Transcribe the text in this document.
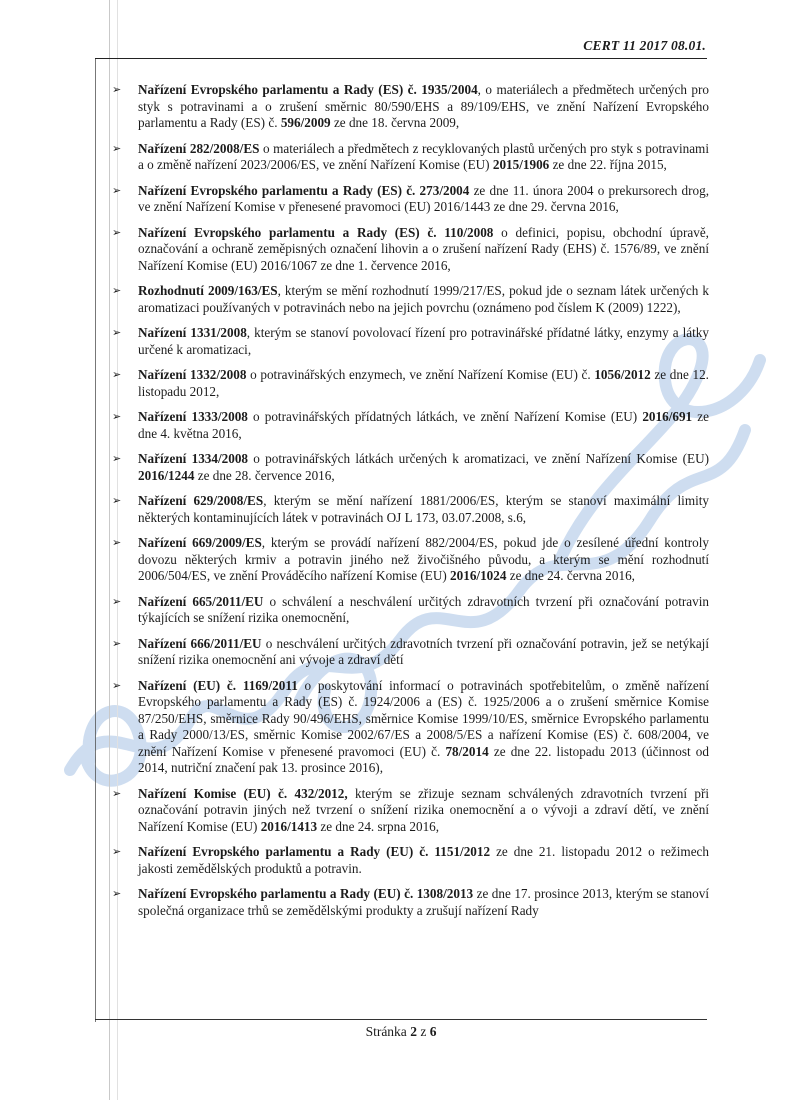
CERT 11 2017 08.01.
➢	Nařízení Evropského parlamentu a Rady (ES) č. 1935/2004, o materiálech a předmětech určených pro styk s potravinami a o zrušení směrnic 80/590/EHS a 89/109/EHS, ve znění Nařízení Evropského parlamentu a Rady (ES) č. 596/2009 ze dne 18. června 2009,
➢	Nařízení 282/2008/ES o materiálech a předmětech z recyklovaných plastů určených pro styk s potravinami a o změně nařízení 2023/2006/ES, ve znění Nařízení Komise (EU) 2015/1906 ze dne 22. října 2015,
➢	Nařízení Evropského parlamentu a Rady (ES) č. 273/2004 ze dne 11. února 2004 o prekursorech drog, ve znění Nařízení Komise v přenesené pravomoci (EU) 2016/1443 ze dne 29. června 2016,
➢	Nařízení Evropského parlamentu a Rady (ES) č. 110/2008 o definici, popisu, obchodní úpravě, označování a ochraně zeměpisných označení lihovin a o zrušení nařízení Rady (EHS) č. 1576/89, ve znění Nařízení Komise (EU) 2016/1067 ze dne 1. července 2016,
➢	Rozhodnutí 2009/163/ES, kterým se mění rozhodnutí 1999/217/ES, pokud jde o seznam látek určených k aromatizaci používaných v potravinách nebo na jejich povrchu (oznámeno pod číslem K (2009) 1222),
➢	Nařízení 1331/2008, kterým se stanoví povolovací řízení pro potravinářské přídatné látky, enzymy a látky určené k aromatizaci,
➢	Nařízení 1332/2008 o potravinářských enzymech, ve znění Nařízení Komise (EU) č. 1056/2012 ze dne 12. listopadu 2012,
➢	Nařízení 1333/2008 o potravinářských přídatných látkách, ve znění Nařízení Komise (EU) 2016/691 ze dne 4. května 2016,
➢	Nařízení 1334/2008 o potravinářských látkách určených k aromatizaci, ve znění Nařízení Komise (EU) 2016/1244 ze dne 28. července 2016,
➢	Nařízení 629/2008/ES, kterým se mění nařízení 1881/2006/ES, kterým se stanoví maximální limity některých kontaminujících látek v potravinách OJ L 173, 03.07.2008, s.6,
➢	Nařízení 669/2009/ES, kterým se provádí nařízení 882/2004/ES, pokud jde o zesílené úřední kontroly dovozu některých krmiv a potravin jiného než živočišného původu, a kterým se mění rozhodnutí 2006/504/ES, ve znění Prováděcího nařízení Komise (EU) 2016/1024 ze dne 24. června 2016,
➢	Nařízení 665/2011/EU o schválení a neschválení určitých zdravotních tvrzení při označování potravin týkajících se snížení rizika onemocnění,
➢	Nařízení 666/2011/EU o neschválení určitých zdravotních tvrzení při označování potravin, jež se netýkají snížení rizika onemocnění ani vývoje a zdraví dětí
➢	Nařízení (EU) č. 1169/2011 o poskytování informací o potravinách spotřebitelům, o změně nařízení Evropského parlamentu a Rady (ES) č. 1924/2006 a (ES) č. 1925/2006 a o zrušení směrnice Komise 87/250/EHS, směrnice Rady 90/496/EHS, směrnice Komise 1999/10/ES, směrnice Evropského parlamentu a Rady 2000/13/ES, směrnic Komise 2002/67/ES a 2008/5/ES a nařízení Komise (ES) č. 608/2004, ve znění Nařízení Komise v přenesené pravomoci (EU) č. 78/2014 ze dne 22. listopadu 2013 (účinnost od 2014, nutriční značení pak 13. prosince 2016),
➢	Nařízení Komise (EU) č. 432/2012, kterým se zřizuje seznam schválených zdravotních tvrzení při označování potravin jiných než tvrzení o snížení rizika onemocnění a o vývoji a zdraví dětí, ve znění Nařízení Komise (EU) 2016/1413 ze dne 24. srpna 2016,
➢	Nařízení Evropského parlamentu a Rady (EU) č. 1151/2012 ze dne 21. listopadu 2012 o režimech jakosti zemědělských produktů a potravin.
➢	Nařízení Evropského parlamentu a Rady (EU) č. 1308/2013 ze dne 17. prosince 2013, kterým se stanoví společná organizace trhů se zemědělskými produkty a zrušují nařízení Rady
Stránka 2 z 6
